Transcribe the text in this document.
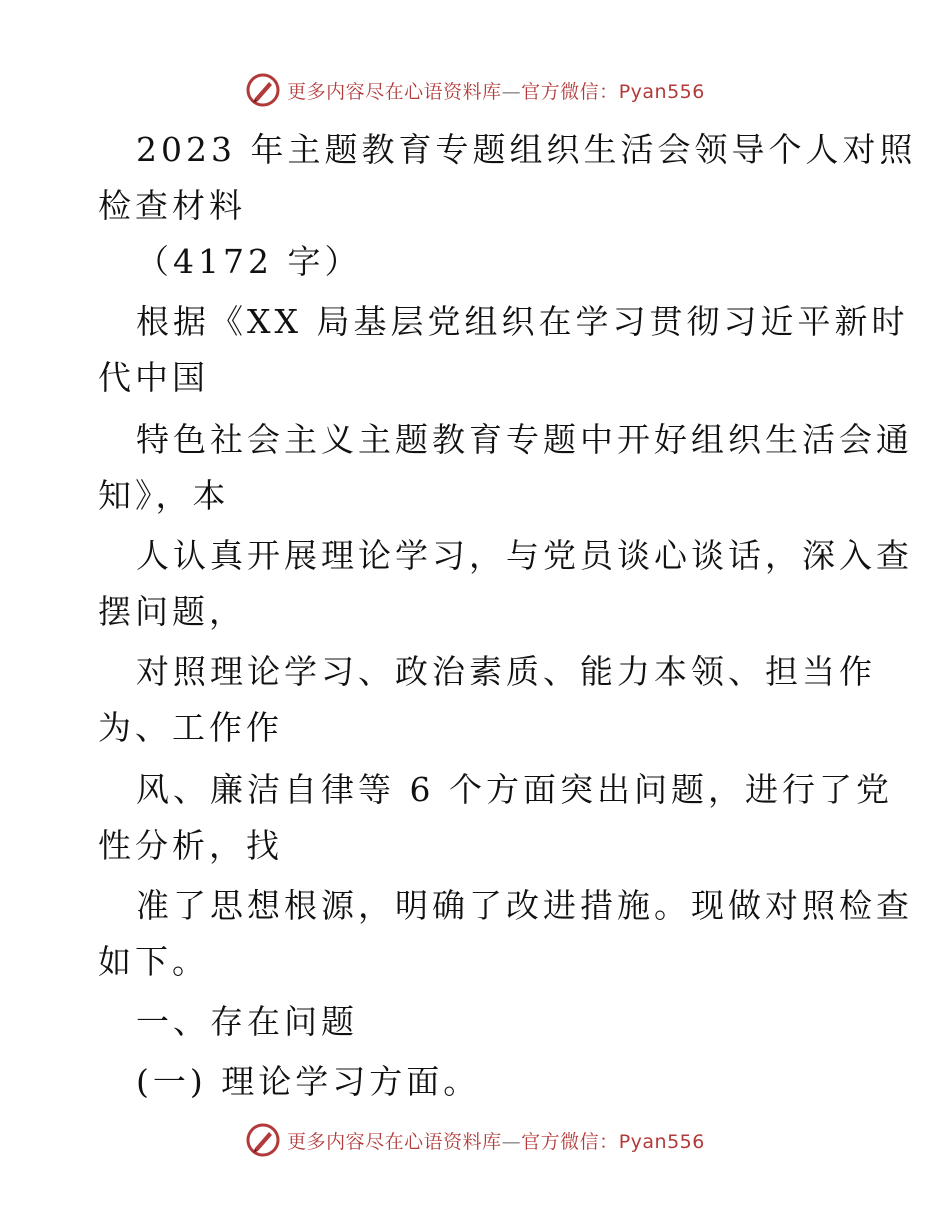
更多内容尽在心语资料库—官方微信：Pyan556
2023 年主题教育专题组织生活会领导个人对照
检查材料
（4172 字）
根据《XX 局基层党组织在学习贯彻习近平新时
代中国
特色社会主义主题教育专题中开好组织生活会通
知》，本
人认真开展理论学习，与党员谈心谈话，深入查
摆问题，
对照理论学习、政治素质、能力本领、担当作
为、工作作
风、廉洁自律等 6 个方面突出问题，进行了党
性分析，找
准了思想根源，明确了改进措施。现做对照检查
如下。
一、存在问题
(一) 理论学习方面。
更多内容尽在心语资料库—官方微信：Pyan556
